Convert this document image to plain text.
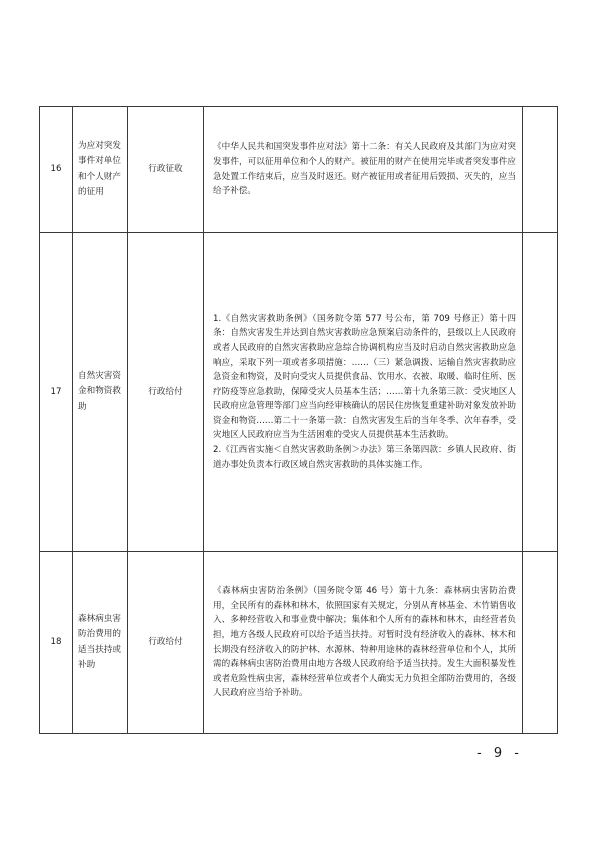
16	为应对突发事件对单位和个人财产的征用	行政征收	《中华人民共和国突发事件应对法》第十二条：有关人民政府及其部门为应对突发事件，可以征用单位和个人的财产。被征用的财产在使用完毕或者突发事件应急处置工作结束后，应当及时返还。财产被征用或者征用后毁损、灭失的，应当给予补偿。	
17	自然灾害资金和物资救助	行政给付	1.《自然灾害救助条例》（国务院令第 577 号公布，第 709 号修正）第十四条：自然灾害发生并达到自然灾害救助应急预案启动条件的，县级以上人民政府或者人民政府的自然灾害救助应急综合协调机构应当及时启动自然灾害救助应急响应，采取下列一项或者多项措施：……（三）紧急调拨、运输自然灾害救助应急资金和物资，及时向受灾人员提供食品、饮用水、衣被、取暖、临时住所、医疗防疫等应急救助，保障受灾人员基本生活；……第十九条第三款：受灾地区人民政府应急管理等部门应当向经审核确认的居民住房恢复重建补助对象发放补助资金和物资……第二十一条第一款：自然灾害发生后的当年冬季、次年春季，受灾地区人民政府应当为生活困难的受灾人员提供基本生活救助。
2.《江西省实施＜自然灾害救助条例＞办法》第三条第四款：乡镇人民政府、街道办事处负责本行政区域自然灾害救助的具体实施工作。	
18	森林病虫害防治费用的适当扶持或补助	行政给付	《森林病虫害防治条例》（国务院令第 46 号）第十九条：森林病虫害防治费用，全民所有的森林和林木，依照国家有关规定，分别从育林基金、木竹销售收入、多种经营收入和事业费中解决；集体和个人所有的森林和林木，由经营者负担，地方各级人民政府可以给予适当扶持。对暂时没有经济收入的森林、林木和长期没有经济收入的防护林、水源林、特种用途林的森林经营单位和个人，其所需的森林病虫害防治费用由地方各级人民政府给予适当扶持。发生大面积暴发性或者危险性病虫害，森林经营单位或者个人确实无力负担全部防治费用的，各级人民政府应当给予补助。	
- 9 -
